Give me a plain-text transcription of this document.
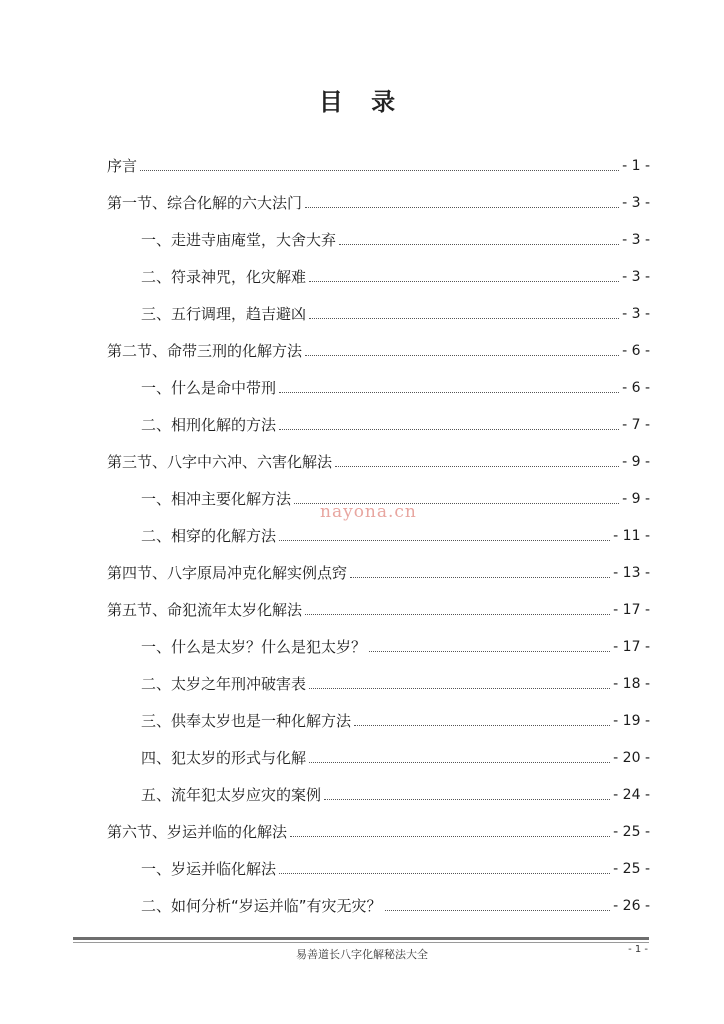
目 录
序言	- 1 -
第一节、综合化解的六大法门	- 3 -
一、走进寺庙庵堂，大舍大弃	- 3 -
二、符录神咒，化灾解难	- 3 -
三、五行调理，趋吉避凶	- 3 -
第二节、命带三刑的化解方法	- 6 -
一、什么是命中带刑	- 6 -
二、相刑化解的方法	- 7 -
第三节、八字中六冲、六害化解法	- 9 -
一、相冲主要化解方法	- 9 -
二、相穿的化解方法	- 11 -
第四节、八字原局冲克化解实例点窍	- 13 -
第五节、命犯流年太岁化解法	- 17 -
一、什么是太岁？什么是犯太岁？	- 17 -
二、太岁之年刑冲破害表	- 18 -
三、供奉太岁也是一种化解方法	- 19 -
四、犯太岁的形式与化解	- 20 -
五、流年犯太岁应灾的案例	- 24 -
第六节、岁运并临的化解法	- 25 -
一、岁运并临化解法	- 25 -
二、如何分析“岁运并临”有灾无灾？	- 26 -
nayona.cn
易善道长八字化解秘法大全	- 1 -
